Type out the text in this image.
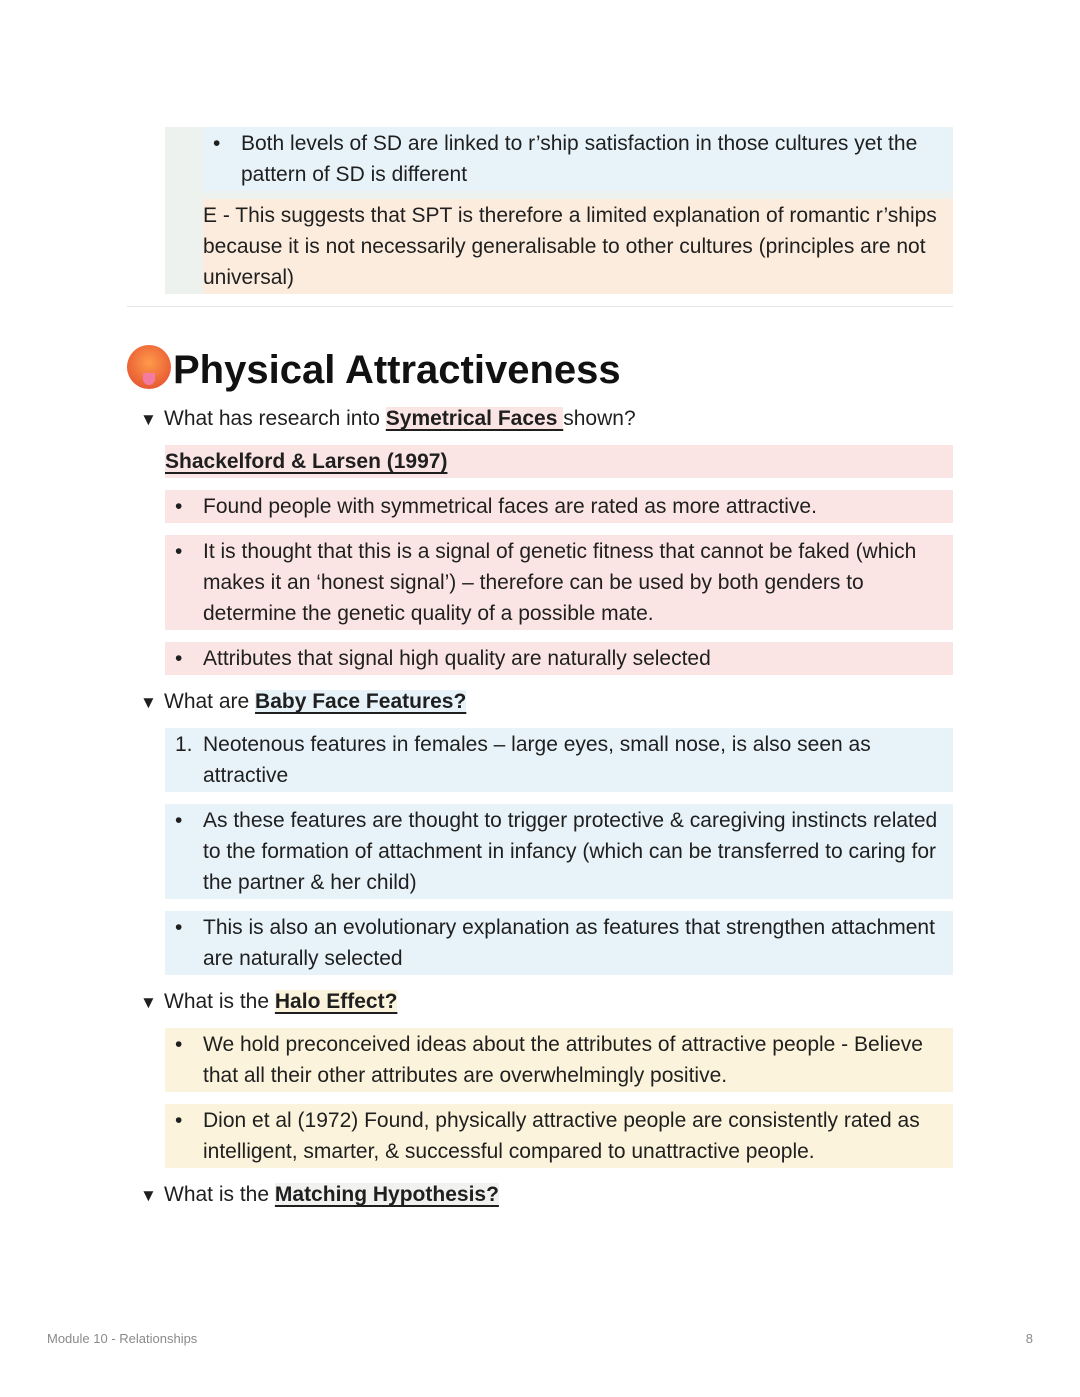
• Both levels of SD are linked to r’ship satisfaction in those cultures yet the pattern of SD is different
E - This suggests that SPT is therefore a limited explanation of romantic r’ships because it is not necessarily generalisable to other cultures (principles are not universal)
Physical Attractiveness
▼ What has research into Symetrical Faces shown?
Shackelford & Larsen (1997)
• Found people with symmetrical faces are rated as more attractive.
• It is thought that this is a signal of genetic fitness that cannot be faked (which makes it an ‘honest signal’) – therefore can be used by both genders to determine the genetic quality of a possible mate.
• Attributes that signal high quality are naturally selected
▼ What are Baby Face Features?
1. Neotenous features in females – large eyes, small nose, is also seen as attractive
• As these features are thought to trigger protective & caregiving instincts related to the formation of attachment in infancy (which can be transferred to caring for the partner & her child)
• This is also an evolutionary explanation as features that strengthen attachment are naturally selected
▼ What is the Halo Effect?
• We hold preconceived ideas about the attributes of attractive people - Believe that all their other attributes are overwhelmingly positive.
• Dion et al (1972) Found, physically attractive people are consistently rated as intelligent, smarter, & successful compared to unattractive people.
▼ What is the Matching Hypothesis?
Module 10 - Relationships	8
